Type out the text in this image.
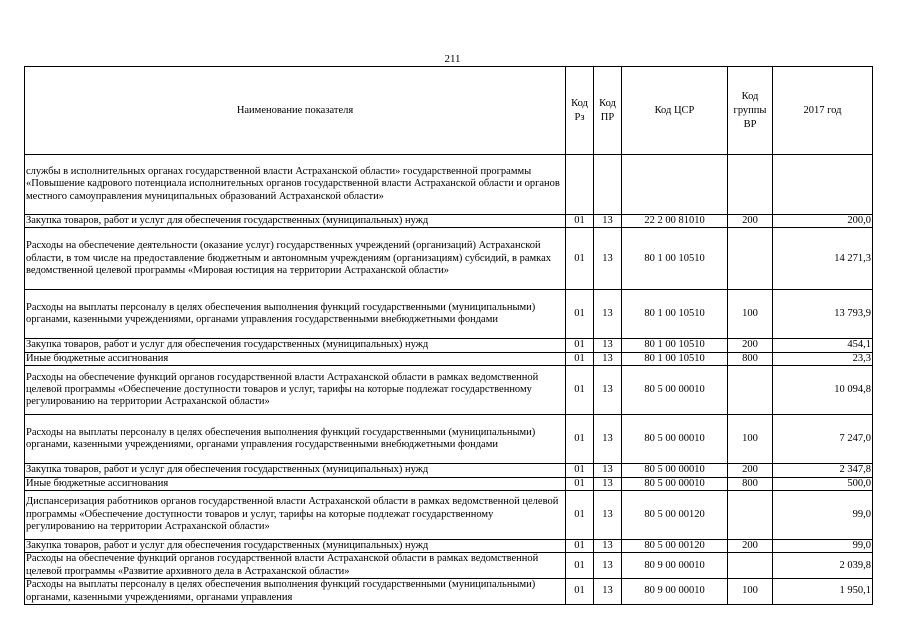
211
Наименование показателя	Код Рз	Код ПР	Код ЦСР	Код группы ВР	2017 год
службы в исполнительных органах государственной власти Астраханской области» государственной программы «Повышение кадрового потенциала исполнительных органов государственной власти Астраханской области и органов местного самоуправления муниципальных образований Астраханской области»					
Закупка товаров, работ и услуг для обеспечения государственных (муниципальных) нужд	01	13	22 2 00 81010	200	200,0
Расходы на обеспечение деятельности (оказание услуг) государственных учреждений (организаций) Астраханской области, в том числе на предоставление бюджетным и автономным учреждениям (организациям) субсидий, в рамках ведомственной целевой программы «Мировая юстиция на территории Астраханской области»	01	13	80 1 00 10510		14 271,3
Расходы на выплаты персоналу в целях обеспечения выполнения функций государственными (муниципальными) органами, казенными учреждениями, органами управления государственными внебюджетными фондами	01	13	80 1 00 10510	100	13 793,9
Закупка товаров, работ и услуг для обеспечения государственных (муниципальных) нужд	01	13	80 1 00 10510	200	454,1
Иные бюджетные ассигнования	01	13	80 1 00 10510	800	23,3
Расходы на обеспечение функций органов государственной власти Астраханской области в рамках ведомственной целевой программы «Обеспечение доступности товаров и услуг, тарифы на которые подлежат государственному регулированию на территории Астраханской области»	01	13	80 5 00 00010		10 094,8
Расходы на выплаты персоналу в целях обеспечения выполнения функций государственными (муниципальными) органами, казенными учреждениями, органами управления государственными внебюджетными фондами	01	13	80 5 00 00010	100	7 247,0
Закупка товаров, работ и услуг для обеспечения государственных (муниципальных) нужд	01	13	80 5 00 00010	200	2 347,8
Иные бюджетные ассигнования	01	13	80 5 00 00010	800	500,0
Диспансеризация работников органов государственной власти Астраханской области в рамках ведомственной целевой программы «Обеспечение доступности товаров и услуг, тарифы на которые подлежат государственному регулированию на территории Астраханской области»	01	13	80 5 00 00120		99,0
Закупка товаров, работ и услуг для обеспечения государственных (муниципальных) нужд	01	13	80 5 00 00120	200	99,0
Расходы на обеспечение функций органов государственной власти Астраханской области в рамках ведомственной целевой программы «Развитие архивного дела в Астраханской области»	01	13	80 9 00 00010		2 039,8
Расходы на выплаты персоналу в целях обеспечения выполнения функций государственными (муниципальными) органами, казенными учреждениями, органами управления	01	13	80 9 00 00010	100	1 950,1
